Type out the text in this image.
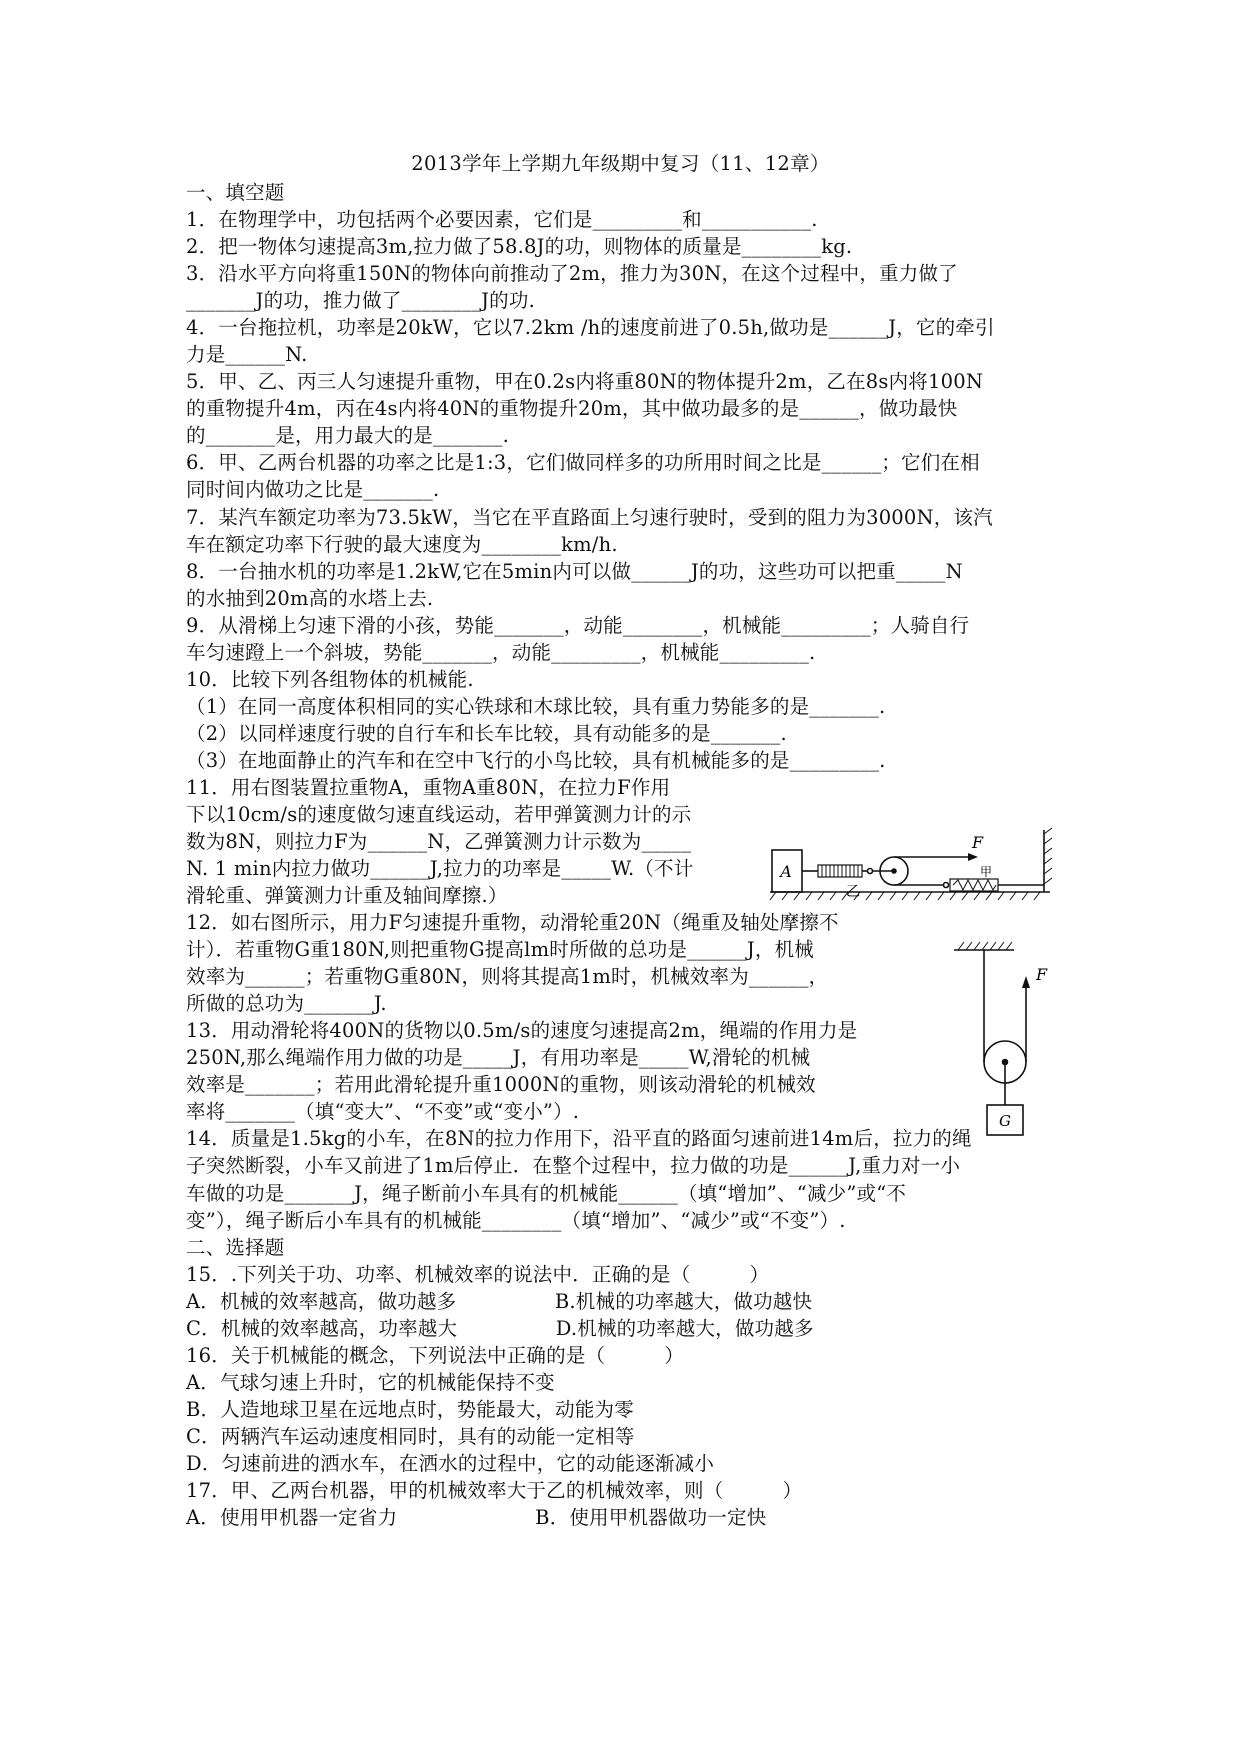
2013学年上学期九年级期中复习（11、12章）
一、填空题
1．在物理学中，功包括两个必要因素，它们是_________和___________.
2．把一物体匀速提高3m,拉力做了58.8J的功，则物体的质量是________kg.
3．沿水平方向将重150N的物体向前推动了2m，推力为30N，在这个过程中，重力做了
_______J的功，推力做了________J的功.
4．一台拖拉机，功率是20kW，它以7.2km /h的速度前进了0.5h,做功是______J，它的牵引
力是______N.
5．甲、乙、丙三人匀速提升重物，甲在0.2s内将重80N的物体提升2m，乙在8s内将100N
的重物提升4m，丙在4s内将40N的重物提升20m，其中做功最多的是______，做功最快
的_______是，用力最大的是_______.
6．甲、乙两台机器的功率之比是1:3，它们做同样多的功所用时间之比是______；它们在相
同时间内做功之比是_______.
7．某汽车额定功率为73.5kW，当它在平直路面上匀速行驶时，受到的阻力为3000N，该汽
车在额定功率下行驶的最大速度为________km/h.
8．一台抽水机的功率是1.2kW,它在5min内可以做______J的功，这些功可以把重_____N
的水抽到20m高的水塔上去.
9．从滑梯上匀速下滑的小孩，势能_______，动能________，机械能_________；人骑自行
车匀速蹬上一个斜坡，势能_______，动能_________，机械能_________.
10．比较下列各组物体的机械能.
（1）在同一高度体积相同的实心铁球和木球比较，具有重力势能多的是_______.
（2）以同样速度行驶的自行车和长车比较，具有动能多的是_______.
（3）在地面静止的汽车和在空中飞行的小鸟比较，具有机械能多的是_________.
11．用右图装置拉重物A，重物A重80N，在拉力F作用
下以10cm/s的速度做匀速直线运动，若甲弹簧测力计的示
数为8N，则拉力F为______N，乙弹簧测力计示数为_____
N. 1 min内拉力做功______J,拉力的功率是_____W.（不计
滑轮重、弹簧测力计重及轴间摩擦.）
12．如右图所示，用力F匀速提升重物，动滑轮重20N（绳重及轴处摩擦不
计）．若重物G重180N,则把重物G提高lm时所做的总功是______J，机械
效率为______；若重物G重80N，则将其提高1m时，机械效率为______，
所做的总功为_______J.
13．用动滑轮将400N的货物以0.5m/s的速度匀速提高2m，绳端的作用力是
250N,那么绳端作用力做的功是_____J，有用功率是_____W,滑轮的机械
效率是_______；若用此滑轮提升重1000N的重物，则该动滑轮的机械效
率将_______（填“变大”、“不变”或“变小”）.
14．质量是1.5kg的小车，在8N的拉力作用下，沿平直的路面匀速前进14m后，拉力的绳
子突然断裂，小车又前进了1m后停止．在整个过程中，拉力做的功是______J,重力对一小
车做的功是_______J，绳子断前小车具有的机械能______（填“增加”、“减少”或“不
变”），绳子断后小车具有的机械能________（填“增加”、“减少”或“不变”）.
二、选择题
15．.下列关于功、功率、机械效率的说法中．正确的是（　　　）
A．机械的效率越高，做功越多　　　　　B.机械的功率越大，做功越快
C．机械的效率越高，功率越大　　　　　D.机械的功率越大，做功越多
16．关于机械能的概念，下列说法中正确的是（　　　）
A．气球匀速上升时，它的机械能保持不变
B．人造地球卫星在远地点时，势能最大，动能为零
C．两辆汽车运动速度相同时，具有的动能一定相等
D．匀速前进的洒水车，在洒水的过程中，它的动能逐渐减小
17．甲、乙两台机器，甲的机械效率大于乙的机械效率，则（　　　）
A．使用甲机器一定省力　　　　　　　B．使用甲机器做功一定快
A
F
甲
乙
F
G
